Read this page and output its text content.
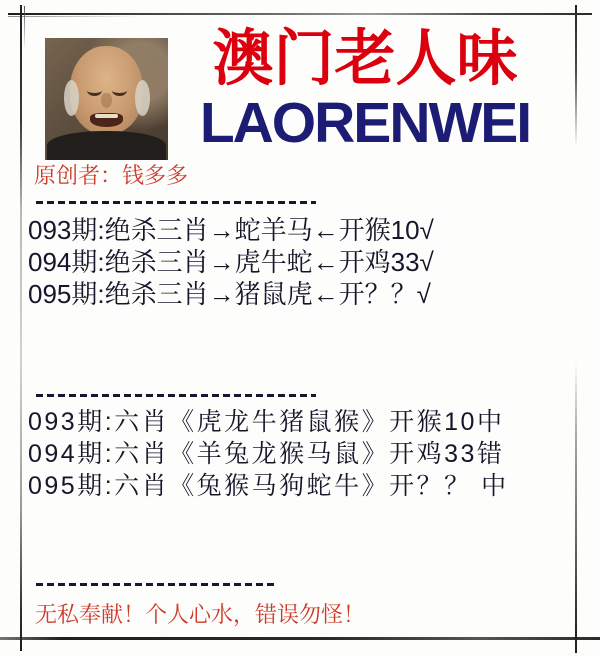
澳门老人味
LAORENWEI
原创者：钱多多
093期:绝杀三肖→蛇羊马←开猴10√
094期:绝杀三肖→虎牛蛇←开鸡33√
095期:绝杀三肖→猪鼠虎←开？？√
093期:六肖《虎龙牛猪鼠猴》开猴10中
094期:六肖《羊兔龙猴马鼠》开鸡33错
095期:六肖《兔猴马狗蛇牛》开？？ 中
无私奉献！个人心水，错误勿怪！
